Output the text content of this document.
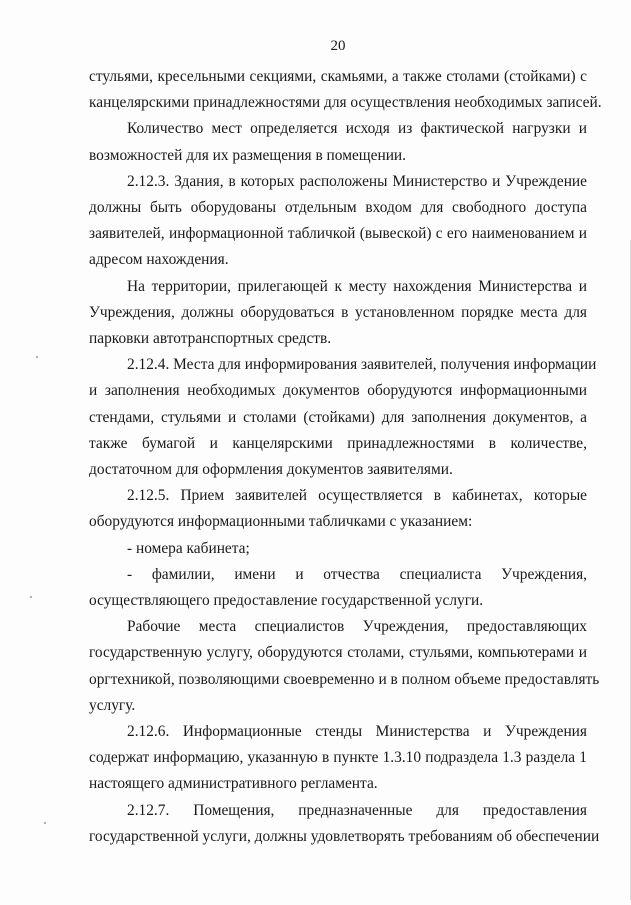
20
стульями, кресельными секциями, скамьями, а также столами (стойками) с
канцелярскими принадлежностями для осуществления необходимых записей.
Количество мест определяется исходя из фактической нагрузки и
возможностей для их размещения в помещении.
2.12.3. Здания, в которых расположены Министерство и Учреждение
должны быть оборудованы отдельным входом для свободного доступа
заявителей, информационной табличкой (вывеской) с его наименованием и
адресом нахождения.
На территории, прилегающей к месту нахождения Министерства и
Учреждения, должны оборудоваться в установленном порядке места для
парковки автотранспортных средств.
2.12.4. Места для информирования заявителей, получения информации
и заполнения необходимых документов оборудуются информационными
стендами, стульями и столами (стойками) для заполнения документов, а
также бумагой и канцелярскими принадлежностями в количестве,
достаточном для оформления документов заявителями.
2.12.5. Прием заявителей осуществляется в кабинетах, которые
оборудуются информационными табличками с указанием:
- номера кабинета;
- фамилии, имени и отчества специалиста Учреждения,
осуществляющего предоставление государственной услуги.
Рабочие места специалистов Учреждения, предоставляющих
государственную услугу, оборудуются столами, стульями, компьютерами и
оргтехникой, позволяющими своевременно и в полном объеме предоставлять
услугу.
2.12.6. Информационные стенды Министерства и Учреждения
содержат информацию, указанную в пункте 1.3.10 подраздела 1.3 раздела 1
настоящего административного регламента.
2.12.7. Помещения, предназначенные для предоставления
государственной услуги, должны удовлетворять требованиям об обеспечении
